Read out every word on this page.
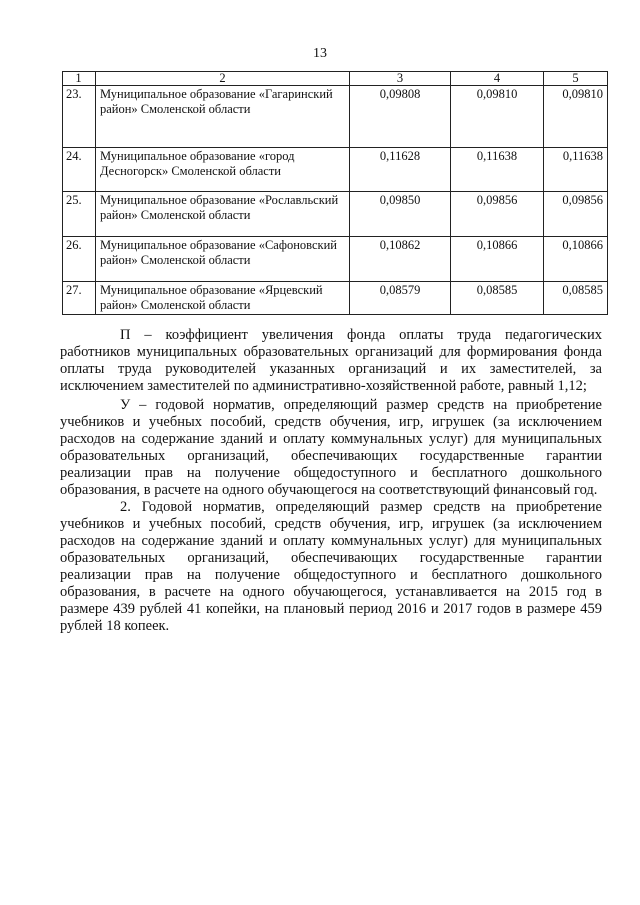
13
1	2	3	4	5
23.	Муниципальное образование «Гагаринский район» Смоленской области	0,09808	0,09810	0,09810
24.	Муниципальное образование «город Десногорск» Смоленской области	0,11628	0,11638	0,11638
25.	Муниципальное образование «Рославльский район» Смоленской области	0,09850	0,09856	0,09856
26.	Муниципальное образование «Сафоновский район» Смоленской области	0,10862	0,10866	0,10866
27.	Муниципальное образование «Ярцевский район» Смоленской области	0,08579	0,08585	0,08585

П – коэффициент увеличения фонда оплаты труда педагогических работников муниципальных образовательных организаций для формирования фонда оплаты труда руководителей указанных организаций и их заместителей, за исключением заместителей по административно-хозяйственной работе, равный 1,12;

У – годовой норматив, определяющий размер средств на приобретение учебников и учебных пособий, средств обучения, игр, игрушек (за исключением расходов на содержание зданий и оплату коммунальных услуг) для муниципальных образовательных организаций, обеспечивающих государственные гарантии реализации прав на получение общедоступного и бесплатного дошкольного образования, в расчете на одного обучающегося на соответствующий финансовый год.

2. Годовой норматив, определяющий размер средств на приобретение учебников и учебных пособий, средств обучения, игр, игрушек (за исключением расходов на содержание зданий и оплату коммунальных услуг) для муниципальных образовательных организаций, обеспечивающих государственные гарантии реализации прав на получение общедоступного и бесплатного дошкольного образования, в расчете на одного обучающегося, устанавливается на 2015 год в размере 439 рублей 41 копейки, на плановый период 2016 и 2017 годов в размере 459 рублей 18 копеек.
